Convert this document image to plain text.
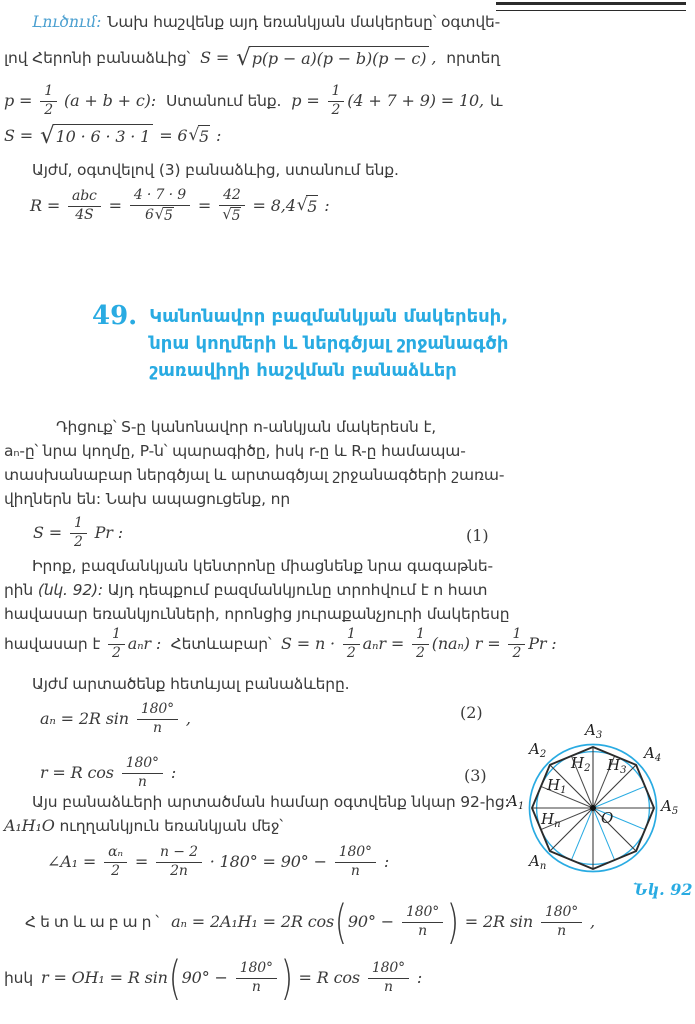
Լուծում: Նախ հաշվենք այդ եռանկյան մակերեսը՝ օգտվե-
լով Հերոնի բանաձևից՝ S = √ p(p − a)(p − b)(p − c) , որտեղ
$p = \frac{1}{2} (a + b + c)$: Ստանում ենք. $p = \frac{1}{2} (4 + 7 + 9) = 10$, և
S = √ 10 · 6 · 3 · 1 = 6 √ 5 :
Այժմ, օգտվելով (3) բանաձևից, ստանում ենք.
$R = \frac{\text{abc}}{4S} = \frac{4 \cdot 7 \cdot 9}{6 √ 5} = \frac{42}{√ 5} = 8,4$ √ 5 :
49. Կանոնավոր բազմանկյան մակերեսի,
նրա կողմերի և ներգծյալ շրջանագծի
շառավիղի հաշվման բանաձևեր
Դիցուք՝ S-ը կանոնավոր n-անկյան մակերեսն է,
aₙ-ը՝ նրա կողմը, P-ն՝ պարագիծը, իսկ r-ը և R-ը համապա-
տասխանաբար ներգծյալ և արտագծյալ շրջանագծերի շառա-
վիղներն են: Նախ ապացուցենք, որ
$S = \frac{1}{2}$ Pr :	(1)
Իրոք, բազմանկյան կենտրոնը միացնենք նրա գագաթնե-
րին (նկ. 92): Այդ դեպքում բազմանկյունը տրոհվում է n հատ
հավասար եռանկյունների, որոնցից յուրաքանչյուրի մակերեսը
հավասար է $\frac{1}{2}$ aₙr : Հետևաբար՝ $S = n \cdot \frac{1}{2}$ $a_nr = \frac{1}{2} (na_n) r = \frac{1}{2}$ Pr :
Այժմ արտածենք հետևյալ բանաձևերը.
aₙ = 2R $\sin \frac{180^\circ}{n}$ ,	(2)
r = R $\cos \frac{180^\circ}{n}$ :	(3)
Այս բանաձևերի արտածման համար օգտվենք նկար 92-ից:
A₁H₁O ուղղանկյուն եռանկյան մեջ՝
∠A₁ = $\frac{\text{αₙ}}{2} = \frac{n - 2}{2n} \cdot 180^\circ = 90^\circ - \frac{180^\circ}{n}$ :
Հետևաբար՝ aₙ = 2A₁H₁ = 2R cos ( $90^\circ - \frac{180^\circ}{n}$ ) = 2R $\sin \frac{180^\circ}{n}$ ,
իսկ r = OH₁ = R sin ( $90^\circ - \frac{180^\circ}{n}$ ) = R $\cos \frac{180^\circ}{n}$ :
$A_1$
$A_2$
$A_3$
$A_4$
$A_5$
$A_n$
$H_1$
$H_2$ $H_3$
$H_n$	O
Նկ. 92
